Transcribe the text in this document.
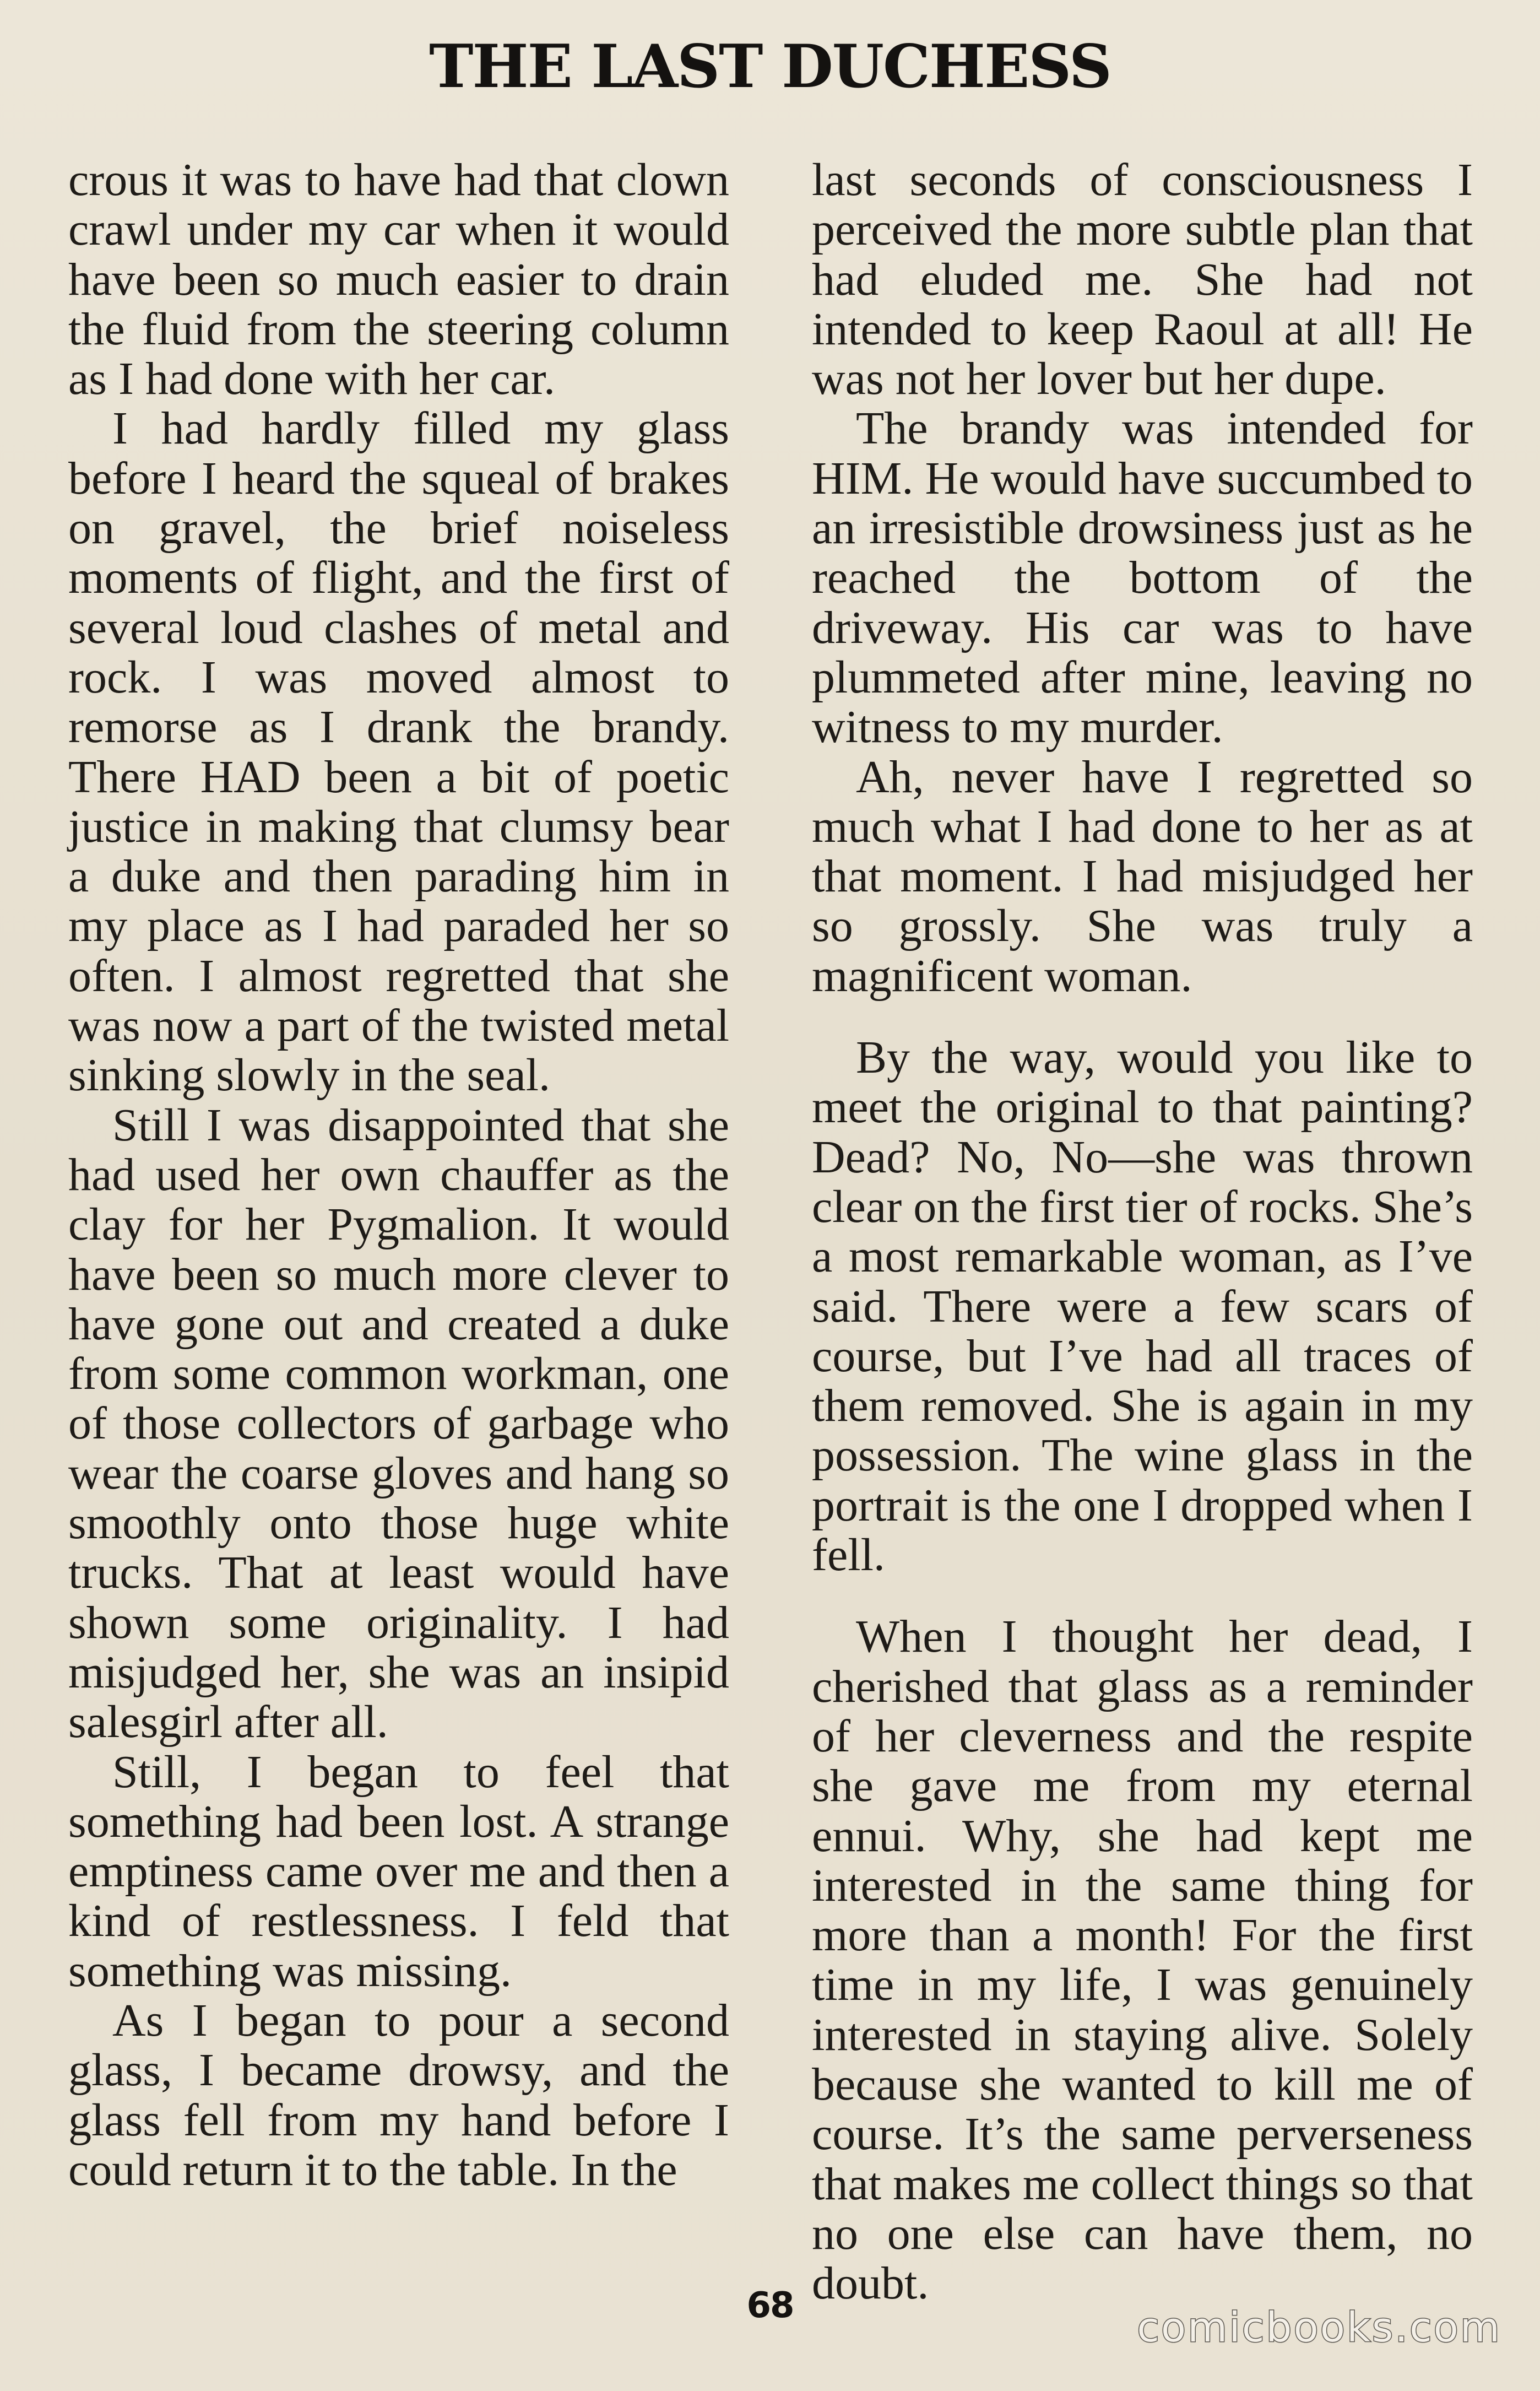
THE LAST DUCHESS

crous it was to have had that clown crawl under my car when it would have been so much easier to drain the fluid from the steering column as I had done with her car.

I had hardly filled my glass before I heard the squeal of brakes on gravel, the brief noiseless moments of flight, and the first of several loud clashes of metal and rock. I was moved almost to remorse as I drank the brandy. There HAD been a bit of poetic justice in making that clumsy bear a duke and then parading him in my place as I had paraded her so often. I almost regretted that she was now a part of the twisted metal sinking slowly in the seal.

Still I was disappointed that she had used her own chauffer as the clay for her Pygmalion. It would have been so much more clever to have gone out and created a duke from some common workman, one of those collectors of garbage who wear the coarse gloves and hang so smoothly onto those huge white trucks. That at least would have shown some originality. I had misjudged her, she was an insipid salesgirl after all.

Still, I began to feel that something had been lost. A strange emptiness came over me and then a kind of restlessness. I feld that something was missing.

As I began to pour a second glass, I became drowsy, and the glass fell from my hand before I could return it to the table. In the

last seconds of consciousness I perceived the more subtle plan that had eluded me. She had not intended to keep Raoul at all! He was not her lover but her dupe.

The brandy was intended for HIM. He would have succumbed to an irresistible drowsiness just as he reached the bottom of the driveway. His car was to have plummeted after mine, leaving no witness to my murder.

Ah, never have I regretted so much what I had done to her as at that moment. I had misjudged her so grossly. She was truly a magnificent woman.

By the way, would you like to meet the original to that painting? Dead? No, No—she was thrown clear on the first tier of rocks. She’s a most remarkable woman, as I’ve said. There were a few scars of course, but I’ve had all traces of them removed. She is again in my possession. The wine glass in the portrait is the one I dropped when I fell.

When I thought her dead, I cherished that glass as a reminder of her cleverness and the respite she gave me from my eternal ennui. Why, she had kept me interested in the same thing for more than a month! For the first time in my life, I was genuinely interested in staying alive. Solely because she wanted to kill me of course. It’s the same perverseness that makes me collect things so that no one else can have them, no doubt.

68	comicbooks.com
